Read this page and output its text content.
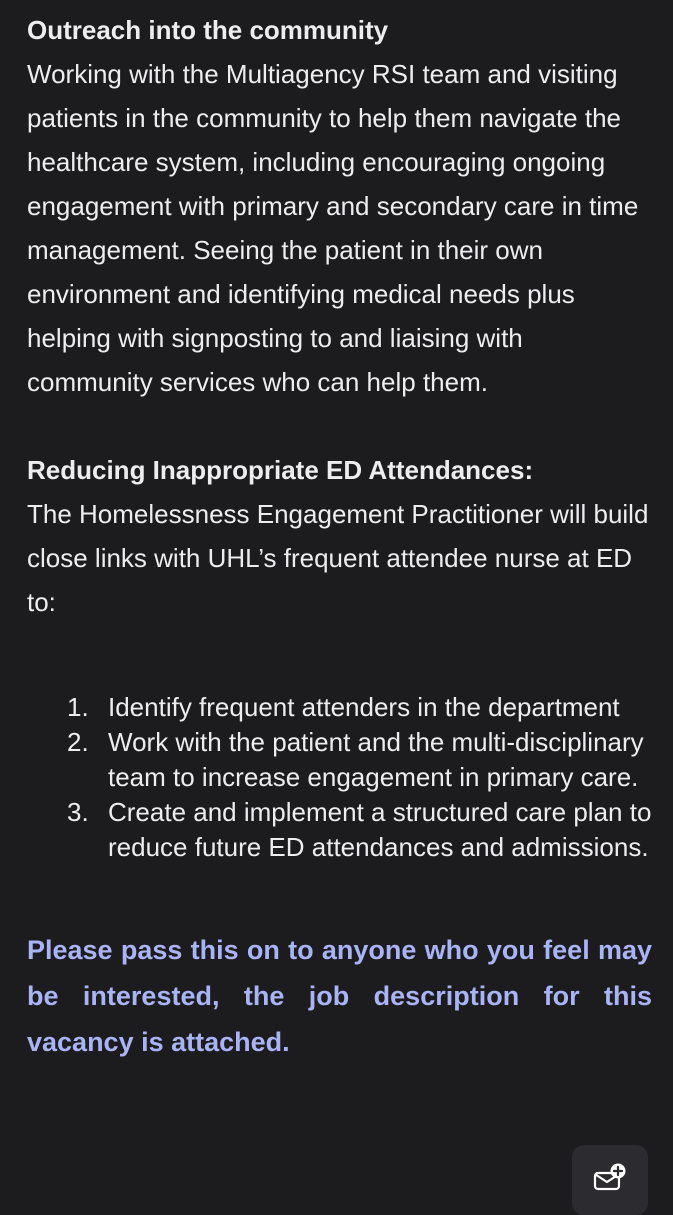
Outreach into the community

Working with the Multiagency RSI team and visiting patients in the community to help them navigate the healthcare system, including encouraging ongoing engagement with primary and secondary care in time management. Seeing the patient in their own environment and identifying medical needs plus helping with signposting to and liaising with community services who can help them.

Reducing Inappropriate ED Attendances:

The Homelessness Engagement Practitioner will build close links with UHL’s frequent attendee nurse at ED to:

1. Identify frequent attenders in the department
2. Work with the patient and the multi-disciplinary team to increase engagement in primary care.
3. Create and implement a structured care plan to reduce future ED attendances and admissions.

Please pass this on to anyone who you feel may be interested, the job description for this vacancy is attached.
